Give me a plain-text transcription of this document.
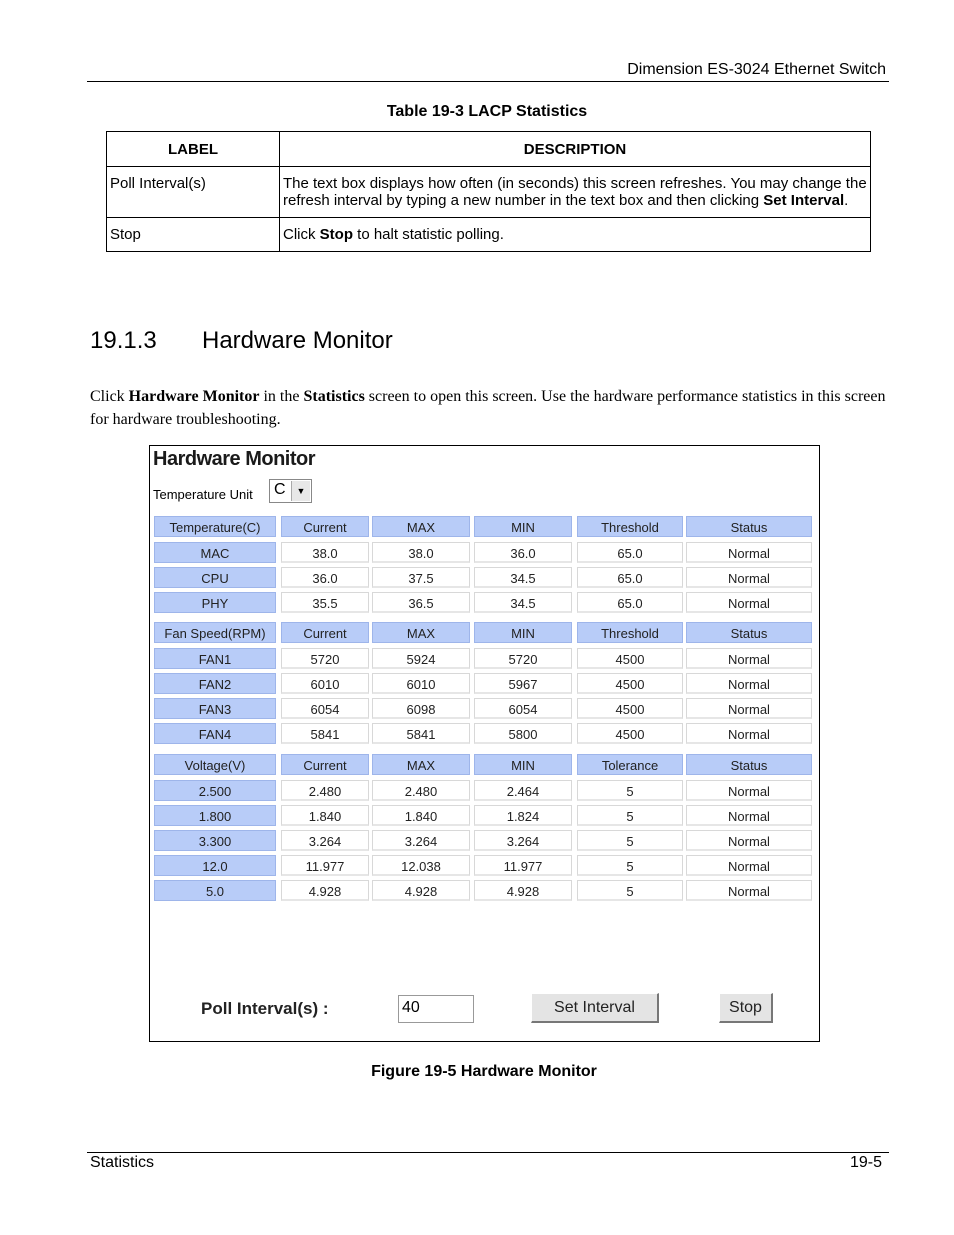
Dimension ES-3024 Ethernet Switch
Table 19-3 LACP Statistics
LABEL	DESCRIPTION
Poll Interval(s)	The text box displays how often (in seconds) this screen refreshes. You may change the refresh interval by typing a new number in the text box and then clicking Set Interval.
Stop	Click Stop to halt statistic polling.
19.1.3 Hardware Monitor
Click Hardware Monitor in the Statistics screen to open this screen. Use the hardware performance statistics in this screen for hardware troubleshooting.
Hardware Monitor
Temperature Unit C	▼
Temperature(C)	Current	MAX	MIN	Threshold	Status
MAC	38.0	38.0	36.0	65.0	Normal
CPU	36.0	37.5	34.5	65.0	Normal
PHY	35.5	36.5	34.5	65.0	Normal
Fan Speed(RPM)	Current	MAX	MIN	Threshold	Status
FAN1	5720	5924	5720	4500	Normal
FAN2	6010	6010	5967	4500	Normal
FAN3	6054	6098	6054	4500	Normal
FAN4	5841	5841	5800	4500	Normal
Voltage(V)	Current	MAX	MIN	Tolerance	Status
2.500	2.480	2.480	2.464	5	Normal
1.800	1.840	1.840	1.824	5	Normal
3.300	3.264	3.264	3.264	5	Normal
12.0	11.977	12.038	11.977	5	Normal
5.0	4.928	4.928	4.928	5	Normal
Poll Interval(s) :	40	Set Interval	Stop
Figure 19-5 Hardware Monitor
Statistics	19-5
